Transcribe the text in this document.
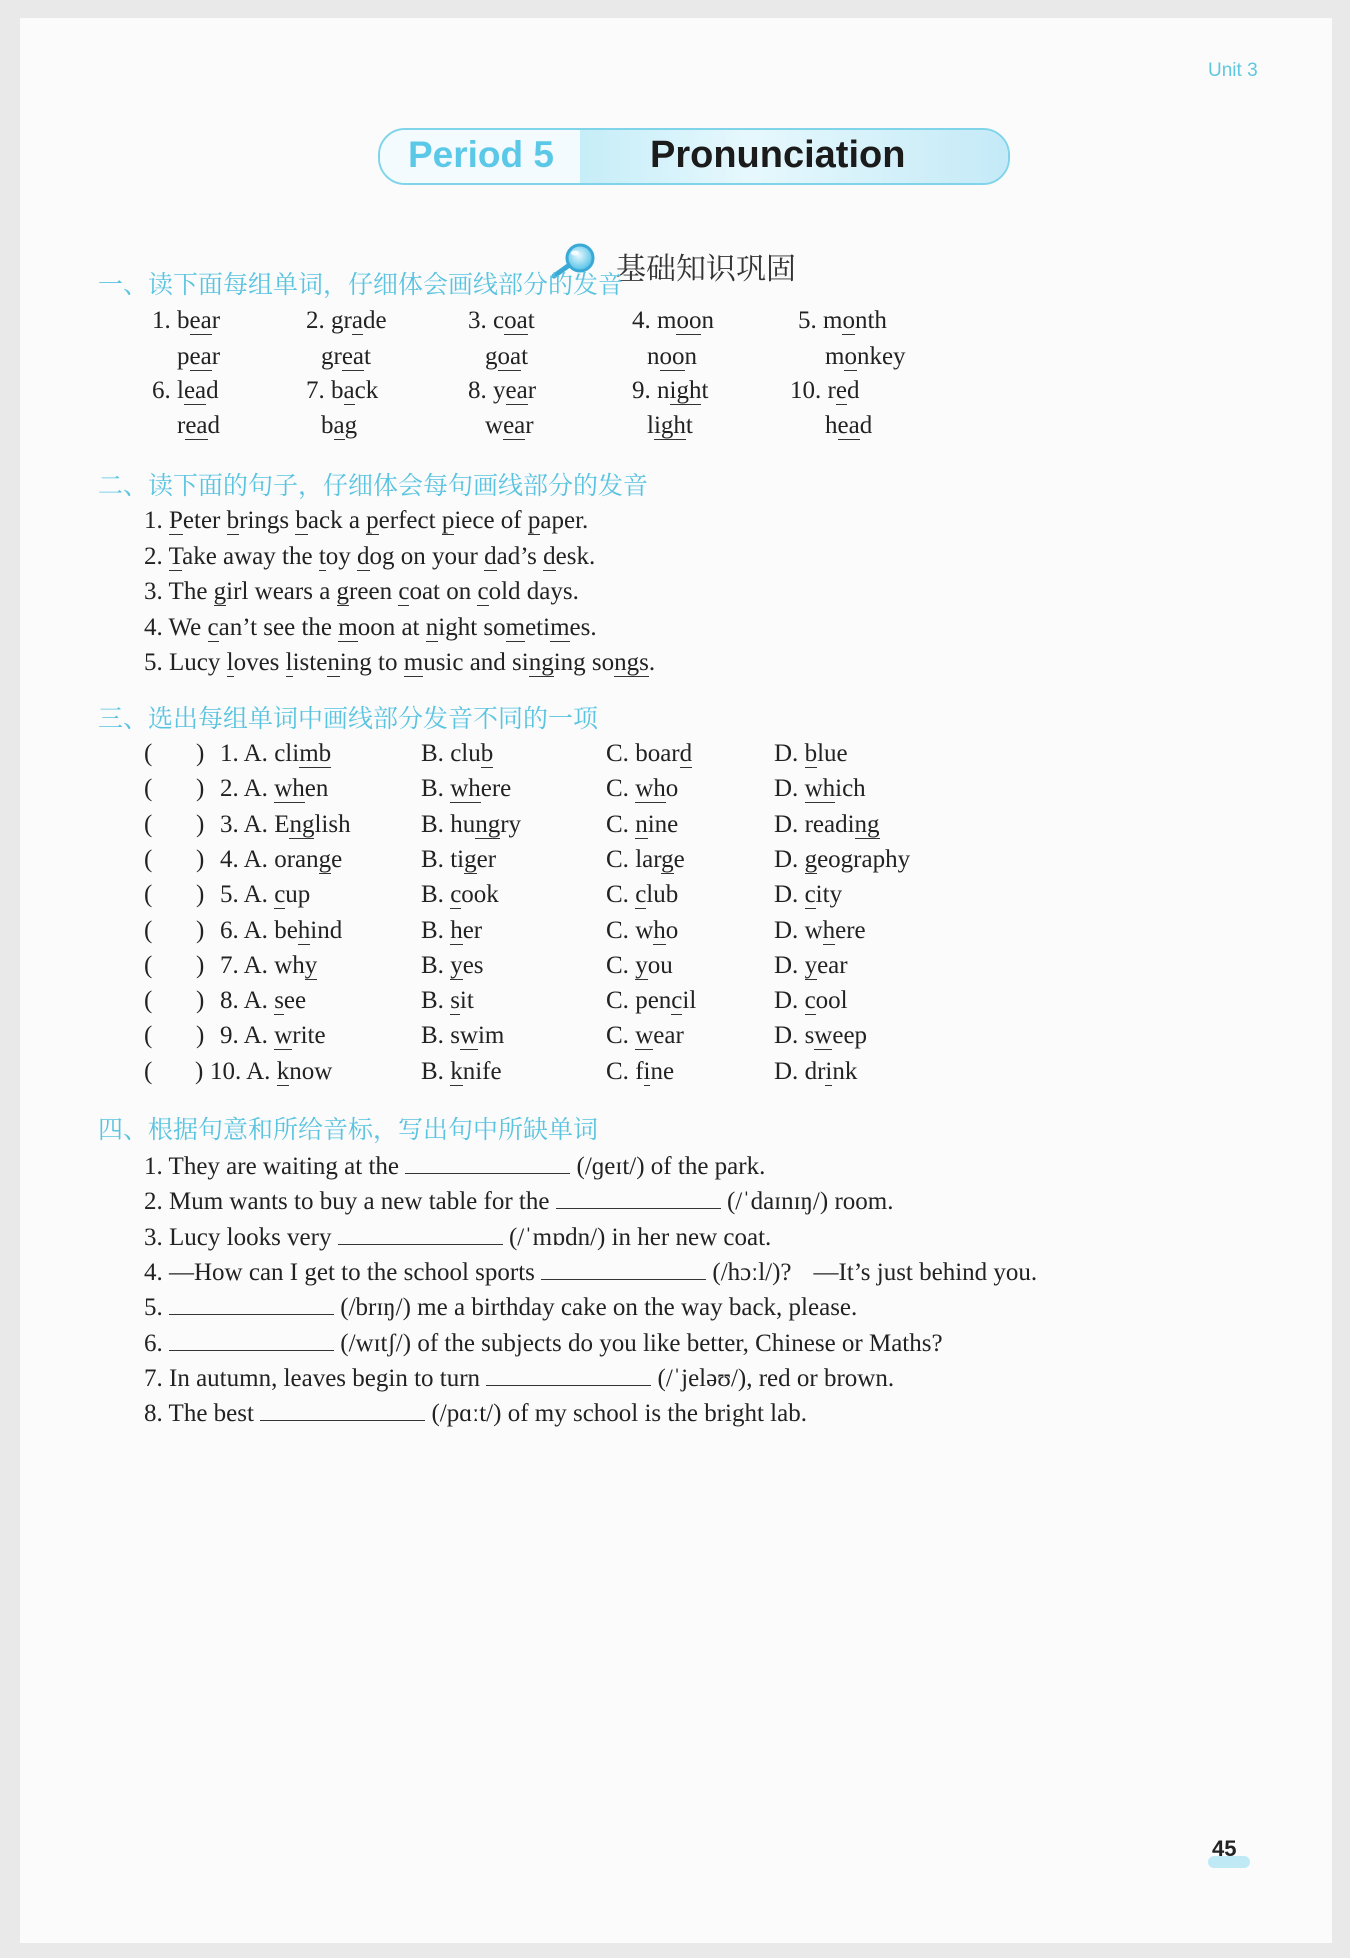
Unit 3
Period 5	Pronunciation
基础知识巩固
一、读下面每组单词，仔细体会画线部分的发音
1. bear
pear
2. grade
great
3. coat
goat
4. moon
noon
5. month
monkey
6. lead
read
7. back
bag
8. year
wear
9. night
light
10. red
head
二、读下面的句子，仔细体会每句画线部分的发音
1. Peter brings back a perfect piece of paper.
2. Take away the toy dog on your dad’s desk.
3. The girl wears a green coat on cold days.
4. We can’t see the moon at night sometimes.
5. Lucy loves listening to music and singing songs.
三、选出每组单词中画线部分发音不同的一项
( ) 1. A. climb	B. club	C. board	D. blue
( ) 2. A. when	B. where	C. who	D. which
( ) 3. A. English	B. hungry	C. nine	D. reading
( ) 4. A. orange	B. tiger	C. large	D. geography
( ) 5. A. cup	B. cook	C. club	D. city
( ) 6. A. behind	B. her	C. who	D. where
( ) 7. A. why	B. yes	C. you	D. year
( ) 8. A. see	B. sit	C. pencil	D. cool
( ) 9. A. write	B. swim	C. wear	D. sweep
( ) 10. A. know	B. knife	C. fine	D. drink
四、根据句意和所给音标，写出句中所缺单词
1. They are waiting at the	(/ɡeɪt/) of the park.
2. Mum wants to buy a new table for the	(/ˈdaɪnɪŋ/) room.
3. Lucy looks very	(/ˈmɒdn/) in her new coat.
4. —How can I get to the school sports	(/hɔːl/)? —It’s just behind you.
5.	(/brɪŋ/) me a birthday cake on the way back, please.
6.	(/wɪtʃ/) of the subjects do you like better, Chinese or Maths?
7. In autumn, leaves begin to turn	(/ˈjeləʊ/), red or brown.
8. The best	(/pɑːt/) of my school is the bright lab.
45
